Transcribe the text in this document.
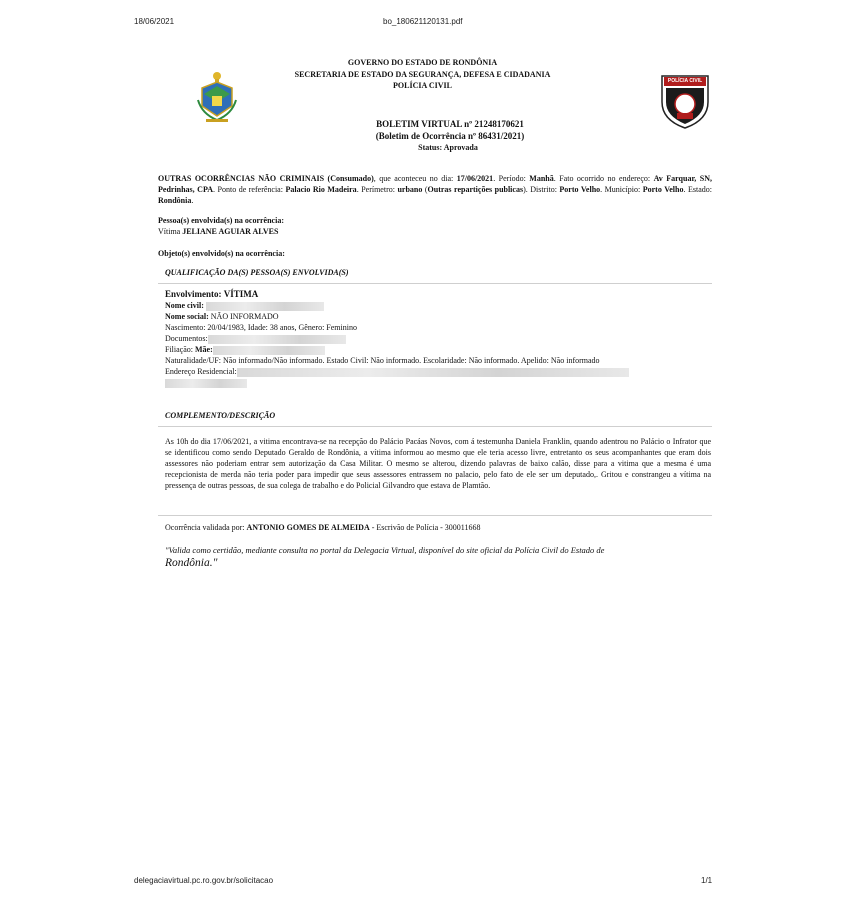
18/06/2021	bo_180621120131.pdf
POLÍCIA CIVIL
GOVERNO DO ESTADO DE RONDÔNIA
SECRETARIA DE ESTADO DA SEGURANÇA, DEFESA E CIDADANIA
POLÍCIA CIVIL
BOLETIM VIRTUAL nº 21248170621
(Boletim de Ocorrência nº 86431/2021)
Status: Aprovada
OUTRAS OCORRÊNCIAS NÃO CRIMINAIS (Consumado), que aconteceu no dia: 17/06/2021. Período: Manhã. Fato ocorrido no endereço: Av Farquar, SN, Pedrinhas, CPA. Ponto de referência: Palacio Rio Madeira. Perímetro: urbano (Outras repartições publicas). Distrito: Porto Velho. Município: Porto Velho. Estado: Rondônia.
Pessoa(s) envolvida(s) na ocorrência:
Vítima JELIANE AGUIAR ALVES
Objeto(s) envolvido(s) na ocorrência:
QUALIFICAÇÃO DA(S) PESSOA(S) ENVOLVIDA(S)
Envolvimento: VÍTIMA
Nome civil:
Nome social: NÃO INFORMADO
Nascimento: 20/04/1983, Idade: 38 anos, Gênero: Feminino
Documentos:
Filiação: Mãe:
Naturalidade/UF: Não informado/Não informado. Estado Civil: Não informado. Escolaridade: Não informado. Apelido: Não informado
Endereço Residencial:
COMPLEMENTO/DESCRIÇÃO
As 10h do dia 17/06/2021, a vitima encontrava-se na recepção do Palácio Pacáas Novos, com á testemunha Daniela Franklin, quando adentrou no Palácio o Infrator que se identificou como sendo Deputado Geraldo de Rondônia, a vítima informou ao mesmo que ele teria acesso livre, entretanto os seus acompanhantes que eram dois assessores não poderiam entrar sem autorização da Casa Militar. O mesmo se alterou, dizendo palavras de baixo calão, disse para a vitima que a mesma é uma recepcionista de merda não teria poder para impedir que seus assessores entrassem no palacio, pelo fato de ele ser um deputado,. Gritou e constrangeu a vítima na pressença de outras pessoas, de sua colega de trabalho e do Policial Gilvandro que estava de Plamtão.
Ocorrência validada por: ANTONIO GOMES DE ALMEIDA - Escrivão de Polícia - 300011668
"Valida como certidão, mediante consulta no portal da Delegacia Virtual, disponível do site oficial da Polícia Civil do Estado de
Rondônia."
delegaciavirtual.pc.ro.gov.br/solicitacao	1/1
